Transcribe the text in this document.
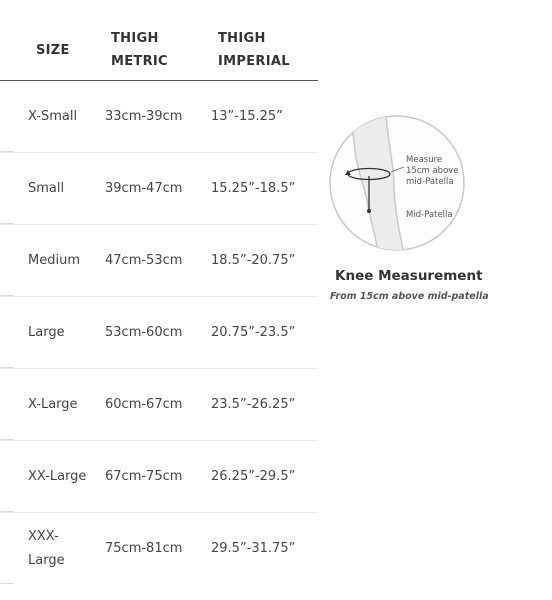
SIZE
THIGH
METRIC
THIGH
IMPERIAL
X-Small 33cm-39cm 13”-15.25”
Small	39cm-47cm 15.25”-18.5”
Medium 47cm-53cm 18.5”-20.75”
Large	53cm-60cm 20.75”-23.5”
X-Large 60cm-67cm 23.5”-26.25”
XX-Large 67cm-75cm 26.25”-29.5”
XXX-Large
75cm-81cm 29.5”-31.75”
Measure
15cm above
mid-Patella
Mid-Patella
Knee Measurement
From 15cm above mid-patella
